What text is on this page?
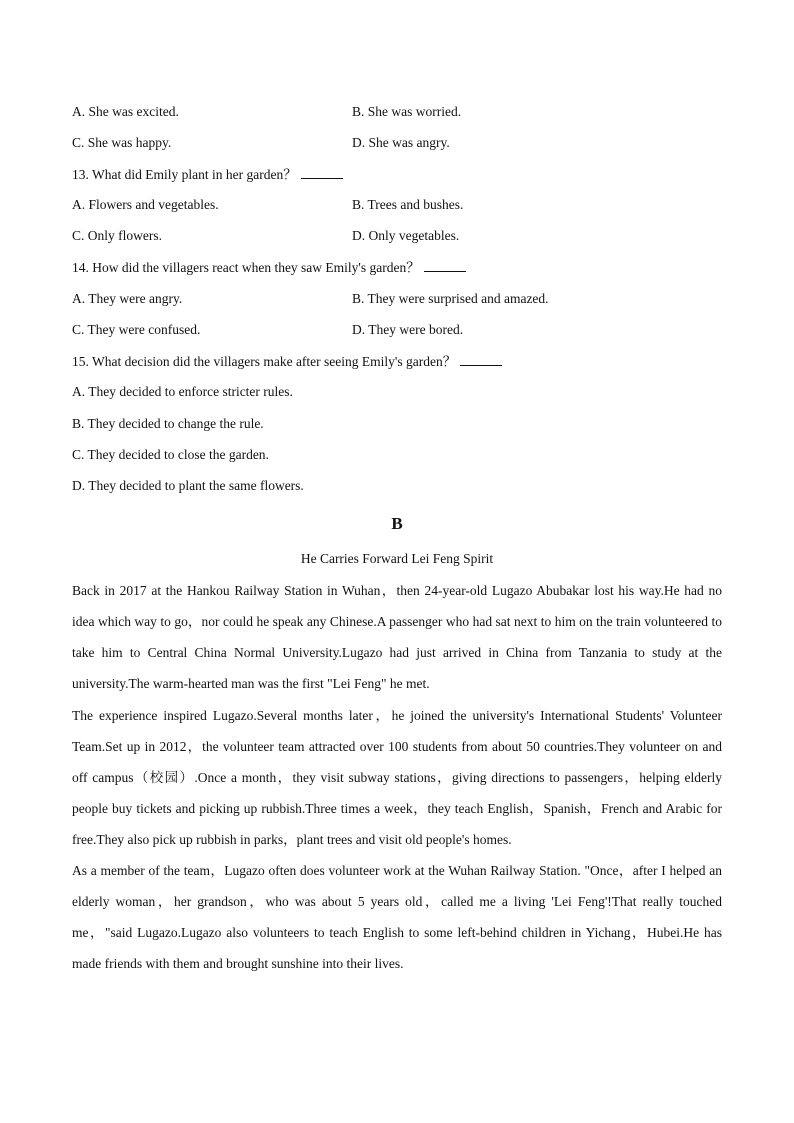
A. She was excited.	B. She was worried.
C. She was happy.	D. She was angry.
13. What did Emily plant in her garden？
A. Flowers and vegetables.	B. Trees and bushes.
C. Only flowers.	D. Only vegetables.
14. How did the villagers react when they saw Emily's garden？
A. They were angry.	B. They were surprised and amazed.
C. They were confused.	D. They were bored.
15. What decision did the villagers make after seeing Emily's garden？
A. They decided to enforce stricter rules.
B. They decided to change the rule.
C. They decided to close the garden.
D. They decided to plant the same flowers.
B
He Carries Forward Lei Feng Spirit

Back in 2017 at the Hankou Railway Station in Wuhan，then 24-year-old Lugazo Abubakar lost his way.He had no idea which way to go，nor could he speak any Chinese.A passenger who had sat next to him on the train volunteered to take him to Central China Normal University.Lugazo had just arrived in China from Tanzania to study at the university.The warm-hearted man was the first "Lei Feng" he met.

The experience inspired Lugazo.Several months later，he joined the university's International Students' Volunteer Team.Set up in 2012，the volunteer team attracted over 100 students from about 50 countries.They volunteer on and off campus（校园）.Once a month，they visit subway stations，giving directions to passengers，helping elderly people buy tickets and picking up rubbish.Three times a week，they teach English，Spanish，French and Arabic for free.They also pick up rubbish in parks，plant trees and visit old people's homes.

As a member of the team，Lugazo often does volunteer work at the Wuhan Railway Station. "Once，after I helped an elderly woman，her grandson，who was about 5 years old，called me a living 'Lei Feng'!That really touched me，"said Lugazo.Lugazo also volunteers to teach English to some left-behind children in Yichang，Hubei.He has made friends with them and brought sunshine into their lives.
